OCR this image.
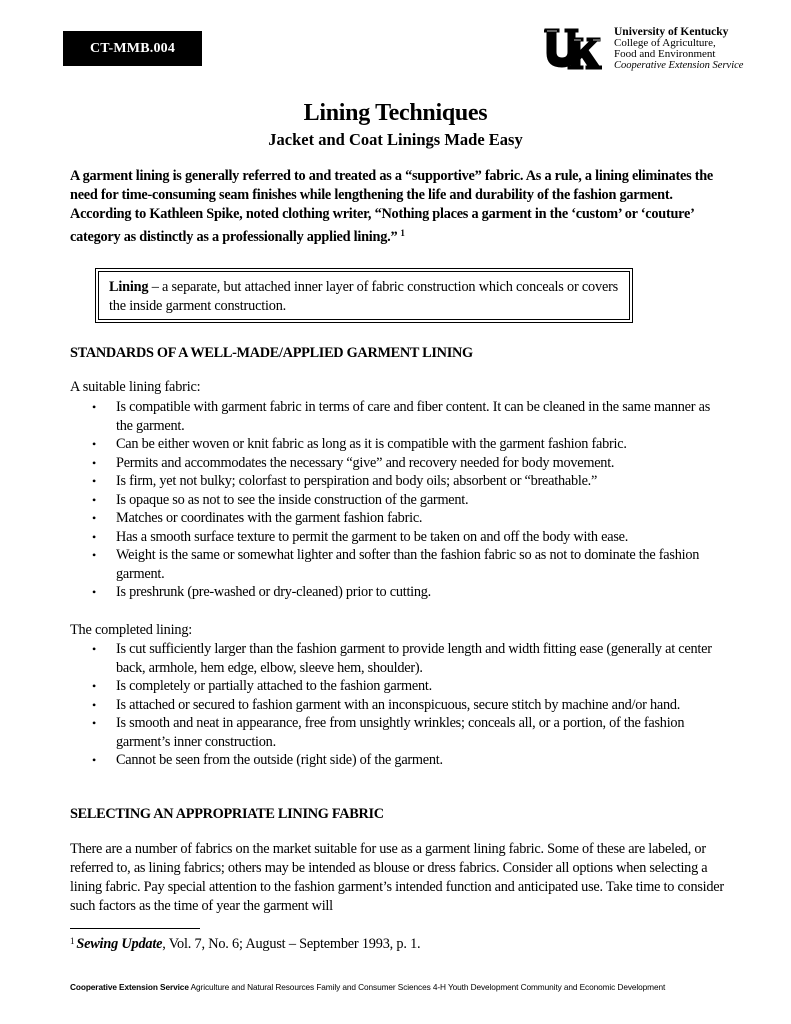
CT-MMB.004
University of Kentucky
College of Agriculture,
Food and Environment
Cooperative Extension Service
Lining Techniques
Jacket and Coat Linings Made Easy
A garment lining is generally referred to and treated as a “supportive” fabric. As a rule, a lining eliminates the need for time-consuming seam finishes while lengthening the life and durability of the fashion garment. According to Kathleen Spike, noted clothing writer, “Nothing places a garment in the ‘custom’ or ‘couture’ category as distinctly as a professionally applied lining.” $^1$
Lining – a separate, but attached inner layer of fabric construction which conceals or covers the inside garment construction.
STANDARDS OF A WELL-MADE/APPLIED GARMENT LINING
A suitable lining fabric:
• Is compatible with garment fabric in terms of care and fiber content. It can be cleaned in the same manner as the garment.
• Can be either woven or knit fabric as long as it is compatible with the garment fashion fabric.
• Permits and accommodates the necessary “give” and recovery needed for body movement.
• Is firm, yet not bulky; colorfast to perspiration and body oils; absorbent or “breathable.”
• Is opaque so as not to see the inside construction of the garment.
• Matches or coordinates with the garment fashion fabric.
• Has a smooth surface texture to permit the garment to be taken on and off the body with ease.
• Weight is the same or somewhat lighter and softer than the fashion fabric so as not to dominate the fashion garment.
• Is preshrunk (pre-washed or dry-cleaned) prior to cutting.
The completed lining:
• Is cut sufficiently larger than the fashion garment to provide length and width fitting ease (generally at center back, armhole, hem edge, elbow, sleeve hem, shoulder).
• Is completely or partially attached to the fashion garment.
• Is attached or secured to fashion garment with an inconspicuous, secure stitch by machine and/or hand.
• Is smooth and neat in appearance, free from unsightly wrinkles; conceals all, or a portion, of the fashion garment’s inner construction.
• Cannot be seen from the outside (right side) of the garment.
SELECTING AN APPROPRIATE LINING FABRIC
There are a number of fabrics on the market suitable for use as a garment lining fabric. Some of these are labeled, or referred to, as lining fabrics; others may be intended as blouse or dress fabrics. Consider all options when selecting a lining fabric. Pay special attention to the fashion garment’s intended function and anticipated use. Take time to consider such factors as the time of year the garment will
$^1$ Sewing Update, Vol. 7, No. 6; August – September 1993, p. 1.
Cooperative Extension Service Agriculture and Natural Resources Family and Consumer Sciences 4-H Youth Development Community and Economic Development
